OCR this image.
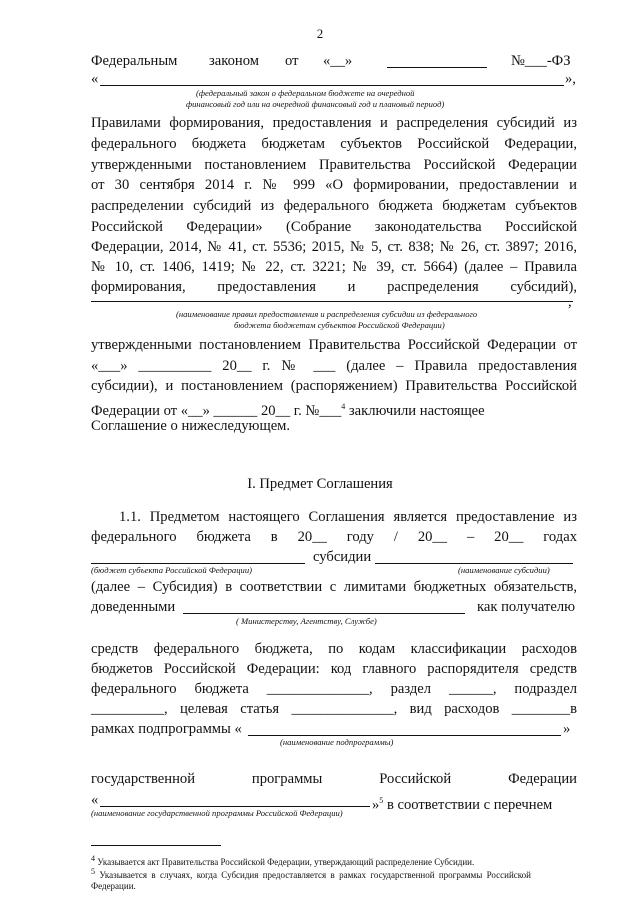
2
Федеральным законом от «__»	№___-ФЗ
«	»,
(федеральный закон о федеральном бюджете на очередной
финансовый год или на очередной финансовый год и плановый период)
Правилами формирования, предоставления и распределения субсидий из
федерального бюджета бюджетам субъектов Российской Федерации,
утвержденными постановлением Правительства Российской Федерации
от 30 сентября 2014 г. № 999 «О формировании, предоставлении и
распределении субсидий из федерального бюджета бюджетам субъектов
Российской Федерации» (Собрание законодательства Российской
Федерации, 2014, № 41, ст. 5536; 2015, № 5, ст. 838; № 26, ст. 3897; 2016,
№ 10, ст. 1406, 1419; № 22, ст. 3221; № 39, ст. 5664) (далее – Правила
формирования, предоставления и распределения субсидий),
,
(наименование правил предоставления и распределения субсидии из федерального
бюджета бюджетам субъектов Российской Федерации)
утвержденными постановлением Правительства Российской Федерации от
«___» __________ 20__ г. № ___ (далее – Правила предоставления
субсидии), и постановлением (распоряжением) Правительства Российской
Федерации от «__» ______ 20__ г. №___$^4$ заключили настоящее
Соглашение о нижеследующем.
I. Предмет Соглашения
1.1. Предметом настоящего Соглашения является предоставление из
федерального бюджета в 20__ году / 20__ – 20__ годах
субсидии
(бюджет субъекта Российской Федерации)	(наименование субсидии)
(далее – Субсидия) в соответствии с лимитами бюджетных обязательств,
доведенными	как получателю
( Министерству, Агентству, Службе)
средств федерального бюджета, по кодам классификации расходов
бюджетов Российской Федерации: код главного распорядителя средств
федерального бюджета ______________, раздел ______, подраздел
__________, целевая статья ______________, вид расходов ________в
рамках подпрограммы «	»
(наименование подпрограммы)
государственной программы Российской Федерации
«	»$^5$ в соответствии с перечнем
(наименование государственной программы Российской Федерации)
$^4$ Указывается акт Правительства Российской Федерации, утверждающий распределение Субсидии.
$^5$ Указывается в случаях, когда Субсидия предоставляется в рамках государственной программы Российской Федерации.
